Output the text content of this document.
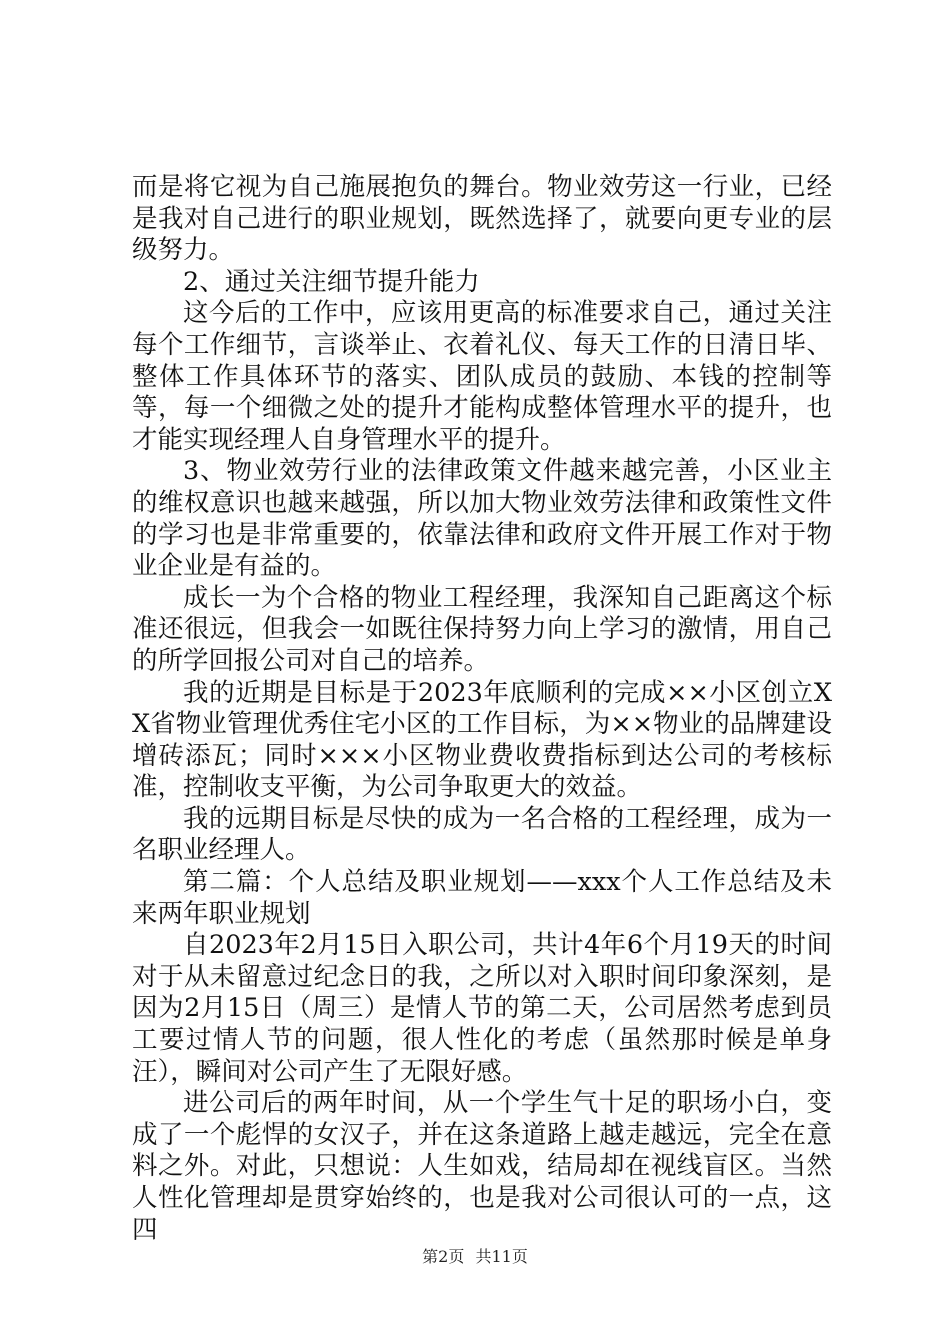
而是将它视为自己施展抱负的舞台。物业效劳这一行业，已经是我对自己进行的职业规划，既然选择了，就要向更专业的层级努力。

2、通过关注细节提升能力

这今后的工作中，应该用更高的标准要求自己，通过关注每个工作细节，言谈举止、衣着礼仪、每天工作的日清日毕、整体工作具体环节的落实、团队成员的鼓励、本钱的控制等等，每一个细微之处的提升才能构成整体管理水平的提升，也才能实现经理人自身管理水平的提升。

3、物业效劳行业的法律政策文件越来越完善，小区业主的维权意识也越来越强，所以加大物业效劳法律和政策性文件的学习也是非常重要的，依靠法律和政府文件开展工作对于物业企业是有益的。

成长一为个合格的物业工程经理，我深知自己距离这个标准还很远，但我会一如既往保持努力向上学习的激情，用自己的所学回报公司对自己的培养。

我的近期是目标是于2023年底顺利的完成××小区创立XX省物业管理优秀住宅小区的工作目标，为××物业的品牌建设增砖添瓦；同时×××小区物业费收费指标到达公司的考核标准，控制收支平衡，为公司争取更大的效益。

我的远期目标是尽快的成为一名合格的工程经理，成为一名职业经理人。

第二篇：个人总结及职业规划——xxx个人工作总结及未来两年职业规划

自2023年2月15日入职公司，共计4年6个月19天的时间对于从未留意过纪念日的我，之所以对入职时间印象深刻，是因为2月15日（周三）是情人节的第二天，公司居然考虑到员工要过情人节的问题，很人性化的考虑（虽然那时候是单身汪），瞬间对公司产生了无限好感。

进公司后的两年时间，从一个学生气十足的职场小白，变成了一个彪悍的女汉子，并在这条道路上越走越远，完全在意料之外。对此，只想说：人生如戏，结局却在视线盲区。当然人性化管理却是贯穿始终的，也是我对公司很认可的一点，这四

第2页 共11页
